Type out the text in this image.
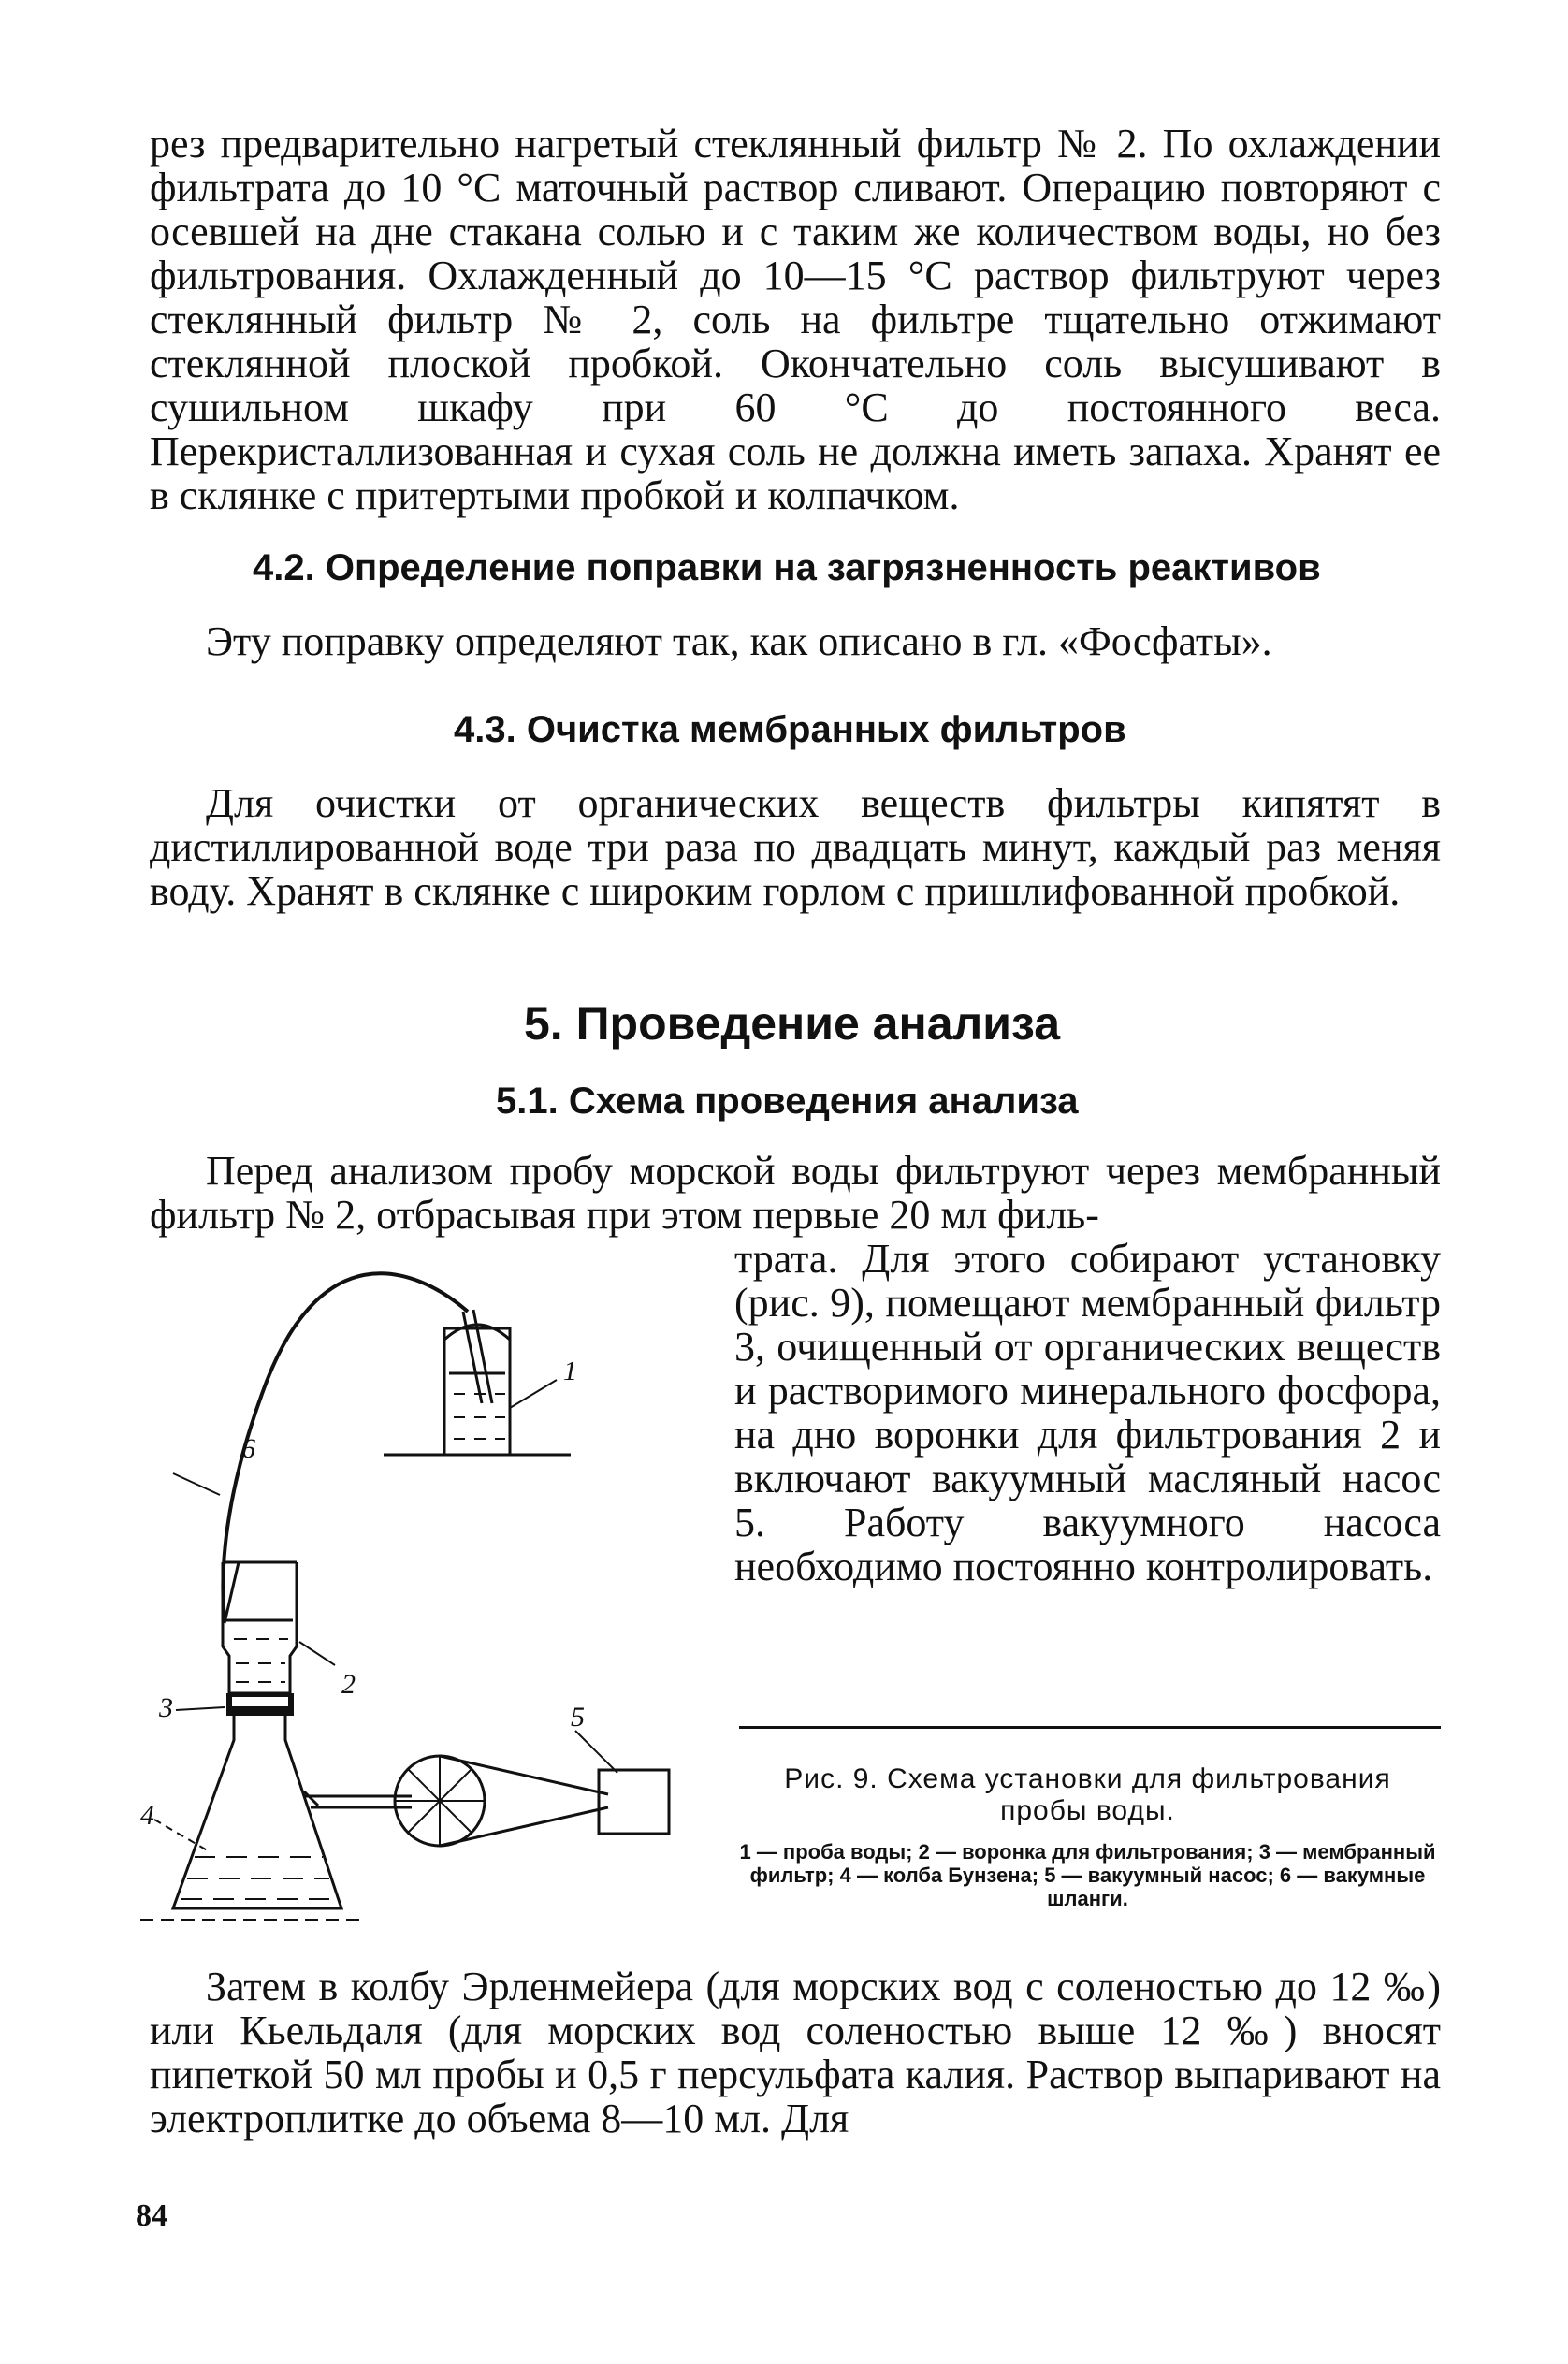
рез предварительно нагретый стеклянный фильтр № 2. По охлаждении фильтрата до 10 °С маточный раствор сливают. Операцию повторяют с осевшей на дне стакана солью и с таким же количеством воды, но без фильтрования. Охлажденный до 10—15 °С раствор фильтруют через стеклянный фильтр № 2, соль на фильтре тщательно отжимают стеклянной плоской пробкой. Окончательно соль высушивают в сушильном шкафу при 60 °С до постоянного веса. Перекристаллизованная и сухая соль не должна иметь запаха. Хранят ее в склянке с притертыми пробкой и колпачком.

4.2. Определение поправки на загрязненность реактивов

Эту поправку определяют так, как описано в гл. «Фосфаты».

4.3. Очистка мембранных фильтров

Для очистки от органических веществ фильтры кипятят в дистиллированной воде три раза по двадцать минут, каждый раз меняя воду. Хранят в склянке с широким горлом с пришлифованной пробкой.

5. Проведение анализа
5.1. Схема проведения анализа

Перед анализом пробу морской воды фильтруют через мембранный фильтр № 2, отбрасывая при этом первые 20 мл филь-

трата. Для этого собирают установку (рис. 9), помещают мембранный фильтр 3, очищенный от органических веществ и растворимого минерального фосфора, на дно воронки для фильтрования 2 и включают вакуумный масляный насос 5. Работу вакуумного насоса необходимо постоянно контролировать.

1
2
3
4
5
6

Рис. 9. Схема установки для фильтрования пробы воды.

1 — проба воды; 2 — воронка для фильтрования; 3 — мембранный фильтр; 4 — колба Бунзена; 5 — вакуумный насос; 6 — вакумные шланги.

Затем в колбу Эрленмейера (для морских вод с соленостью до 12 ‰) или Кьельдаля (для морских вод соленостью выше 12 ‰) вносят пипеткой 50 мл пробы и 0,5 г персульфата калия. Раствор выпаривают на электроплитке до объема 8—10 мл. Для

84
